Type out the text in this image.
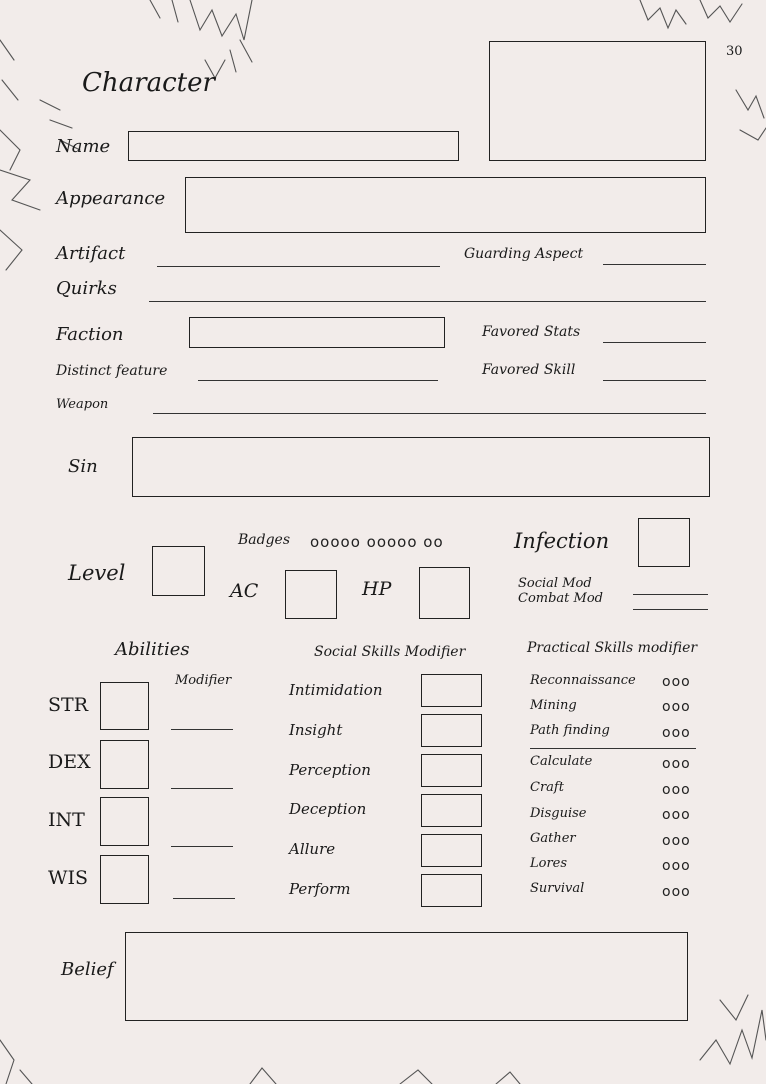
30
Character
Name
Appearance
Artifact	Guarding Aspect
Quirks
Faction	Favored Stats
Distinct feature	Favored Skill
Weapon
Sin
Badges ooooo ooooo oo	Infection
Level
AC	HP	Social Mod
Combat Mod
Abilities
Modifier
STR
DEX
INT
WIS
Social Skills Modifier
Intimidation
Insight
Perception
Deception
Allure
Perform
Practical Skills modifier
Reconnaissance ooo
Mining	ooo
Path finding	ooo
Calculate	ooo
Craft	ooo
Disguise	ooo
Gather	ooo
Lores	ooo
Survival	ooo
Belief
